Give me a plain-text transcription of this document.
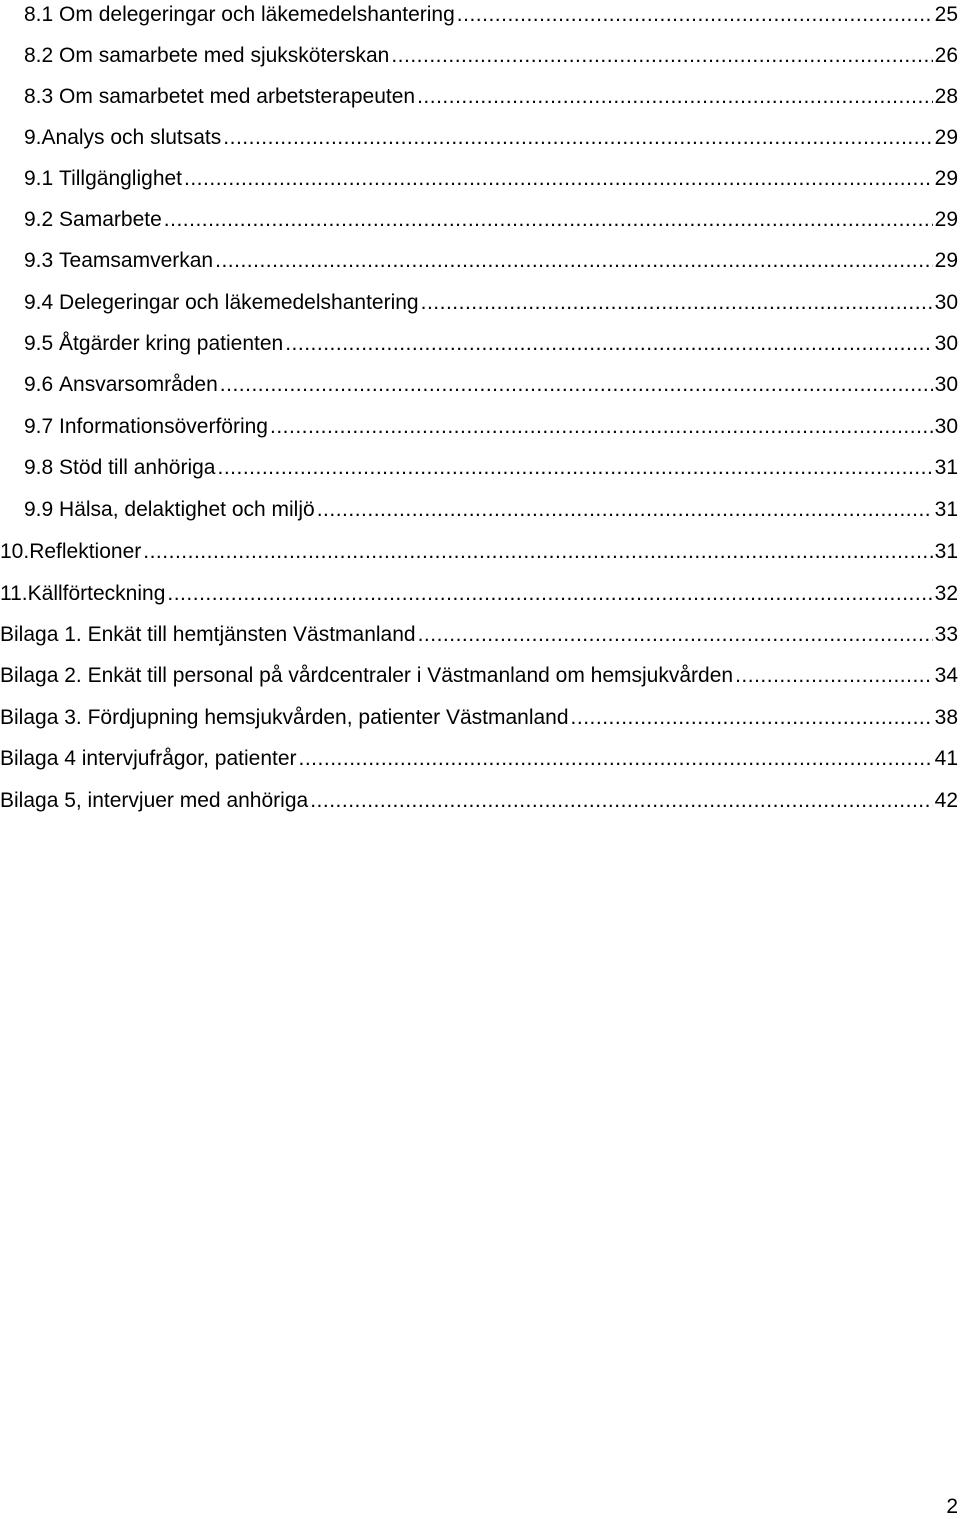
8.1
Om delegeringar och läkemedelshantering .....	25
8.2
Om samarbete med sjuksköterskan .....	26
8.3
Om samarbetet med arbetsterapeuten .....	28
9. Analys och slutsats .....	29
9.1
Tillgänglighet .....	29
9.2
Samarbete .....	29
9.3
Teamsamverkan .....	29
9.4
Delegeringar och läkemedelshantering .....	30
9.5
Åtgärder kring patienten .....	30
9.6
Ansvarsområden .....	30
9.7
Informationsöverföring .....	30
9.8
Stöd till anhöriga .....	31
9.9
Hälsa, delaktighet och miljö .....	31
10. Reflektioner .....	31
11. Källförteckning .....	32
Bilaga 1.
Enkät till hemtjänsten Västmanland .....	33
Bilaga 2.
Enkät till personal på vårdcentraler i Västmanland om hemsjukvården .....	34
Bilaga 3.
Fördjupning hemsjukvården, patienter Västmanland .....	38
Bilaga 4 intervjufrågor, patienter .....	41
Bilaga 5, intervjuer med anhöriga .....	42
2
